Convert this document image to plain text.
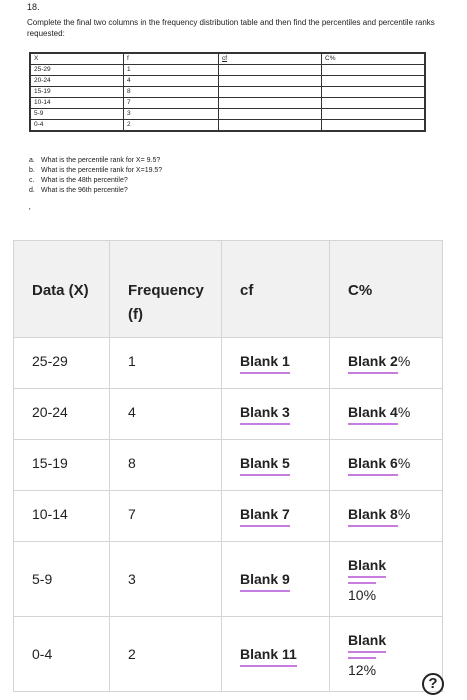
18.
Complete the final two columns in the frequency distribution table and then find the percentiles and percentile ranks requested:
X	f	cf	C%
25-29	1		
20-24	4		
15-19	8		
10-14	7		
5-9	3		
0-4	2		
a. What is the percentile rank for X= 9.5?
b. What is the percentile rank for X=19.5?
c. What is the 48th percentile?
d. What is the 96th percentile?
'
Data (X)	Frequency
(f)	cf	C%

25-29	1	Blank 1	Blank 2%

20-24	4	Blank 3	Blank 4%

15-19	8	Blank 5	Blank 6%

10-14	7	Blank 7	Blank 8%

5-9	3	Blank 9	Blank
10%

0-4	2	Blank 11	Blank
12%
?
